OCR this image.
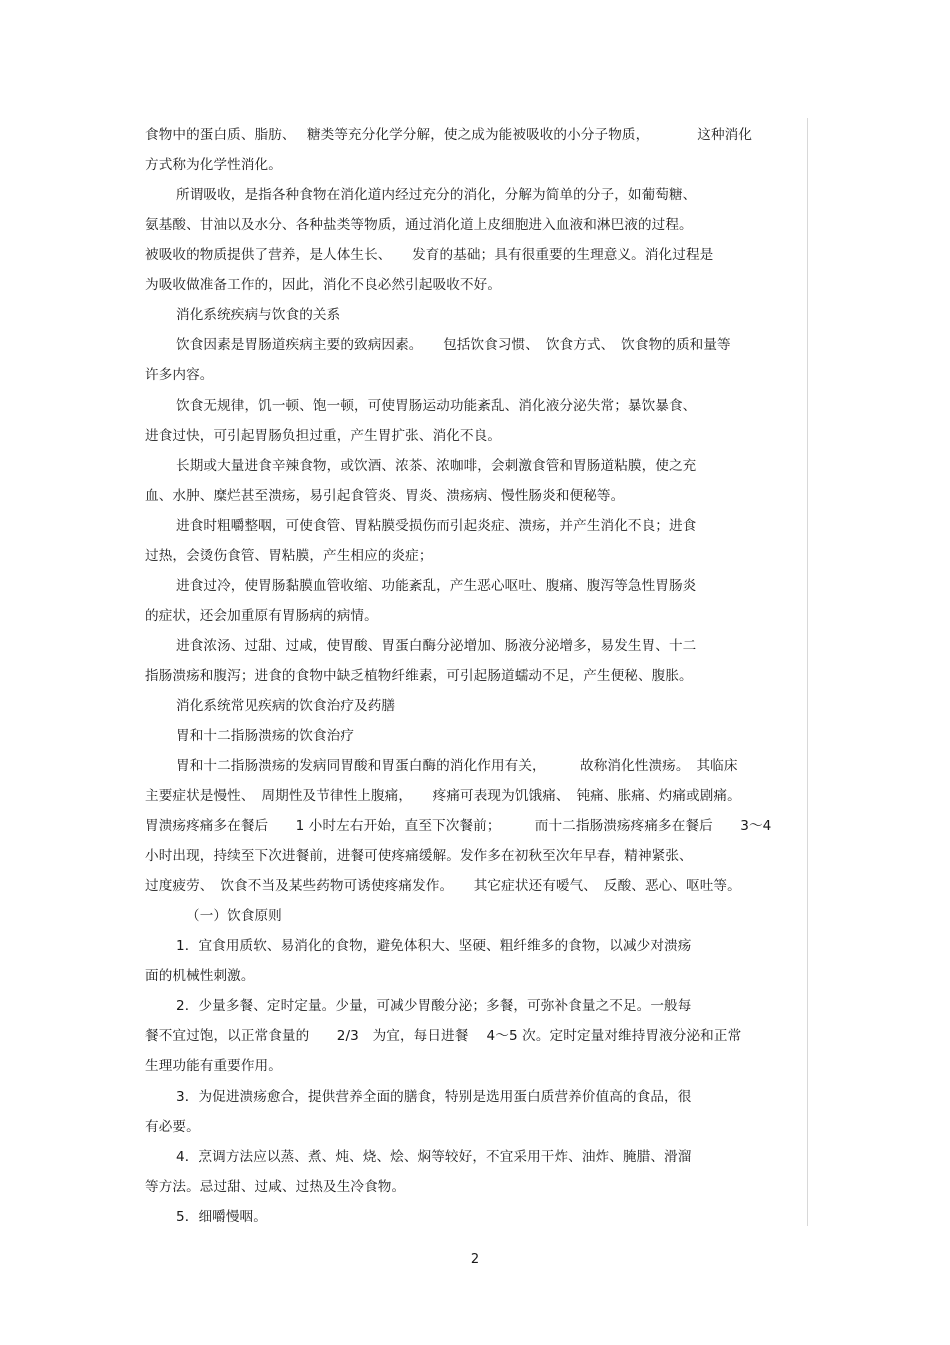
食物中的蛋白质、脂肪、　 糖类等充分化学分解，使之成为能被吸收的小分子物质，　　　　这种消化

方式称为化学性消化。

所谓吸收，是指各种食物在消化道内经过充分的消化，分解为简单的分子，如葡萄糖、

氨基酸、甘油以及水分、各种盐类等物质，通过消化道上皮细胞进入血液和淋巴液的过程。

被吸收的物质提供了营养，是人体生长、　　发育的基础；具有很重要的生理意义。消化过程是

为吸收做准备工作的，因此，消化不良必然引起吸收不好。

消化系统疾病与饮食的关系

饮食因素是胃肠道疾病主要的致病因素。　　包括饮食习惯、　饮食方式、　饮食物的质和量等

许多内容。

饮食无规律，饥一顿、饱一顿，可使胃肠运动功能紊乱、消化液分泌失常；暴饮暴食、

进食过快，可引起胃肠负担过重，产生胃扩张、消化不良。

长期或大量进食辛辣食物，或饮酒、浓茶、浓咖啡，会刺激食管和胃肠道粘膜，使之充

血、水肿、糜烂甚至溃疡，易引起食管炎、胃炎、溃疡病、慢性肠炎和便秘等。

进食时粗嚼整咽，可使食管、胃粘膜受损伤而引起炎症、溃疡，并产生消化不良；进食

过热，会烫伤食管、胃粘膜，产生相应的炎症；

进食过冷，使胃肠黏膜血管收缩、功能紊乱，产生恶心呕吐、腹痛、腹泻等急性胃肠炎

的症状，还会加重原有胃肠病的病情。

进食浓汤、过甜、过咸，使胃酸、胃蛋白酶分泌增加、肠液分泌增多，易发生胃、十二

指肠溃疡和腹泻；进食的食物中缺乏植物纤维素，可引起肠道蠕动不足，产生便秘、腹胀。

消化系统常见疾病的饮食治疗及药膳

胃和十二指肠溃疡的饮食治疗

胃和十二指肠溃疡的发病同胃酸和胃蛋白酶的消化作用有关，　　　故称消化性溃疡。　其临床

主要症状是慢性、　周期性及节律性上腹痛，　　疼痛可表现为饥饿痛、　钝痛、胀痛、灼痛或剧痛。

胃溃疡疼痛多在餐后　　1 小时左右开始，直至下次餐前；　　　而十二指肠溃疡疼痛多在餐后　　3～4

小时出现，持续至下次进餐前，进餐可使疼痛缓解。发作多在初秋至次年早春，精神紧张、

过度疲劳、　饮食不当及某些药物可诱使疼痛发作。　　其它症状还有嗳气、　反酸、恶心、呕吐等。

（一）饮食原则

1．宜食用质软、易消化的食物，避免体积大、坚硬、粗纤维多的食物，以减少对溃疡

面的机械性刺激。

2．少量多餐、定时定量。少量，可减少胃酸分泌；多餐，可弥补食量之不足。一般每

餐不宜过饱，以正常食量的　　2/3　为宜，每日进餐　 4～5 次。定时定量对维持胃液分泌和正常

生理功能有重要作用。

3．为促进溃疡愈合，提供营养全面的膳食，特别是选用蛋白质营养价值高的食品，很

有必要。

4．烹调方法应以蒸、煮、炖、烧、烩、焖等较好，不宜采用干炸、油炸、腌腊、滑溜

等方法。忌过甜、过咸、过热及生冷食物。

5．细嚼慢咽。

2
